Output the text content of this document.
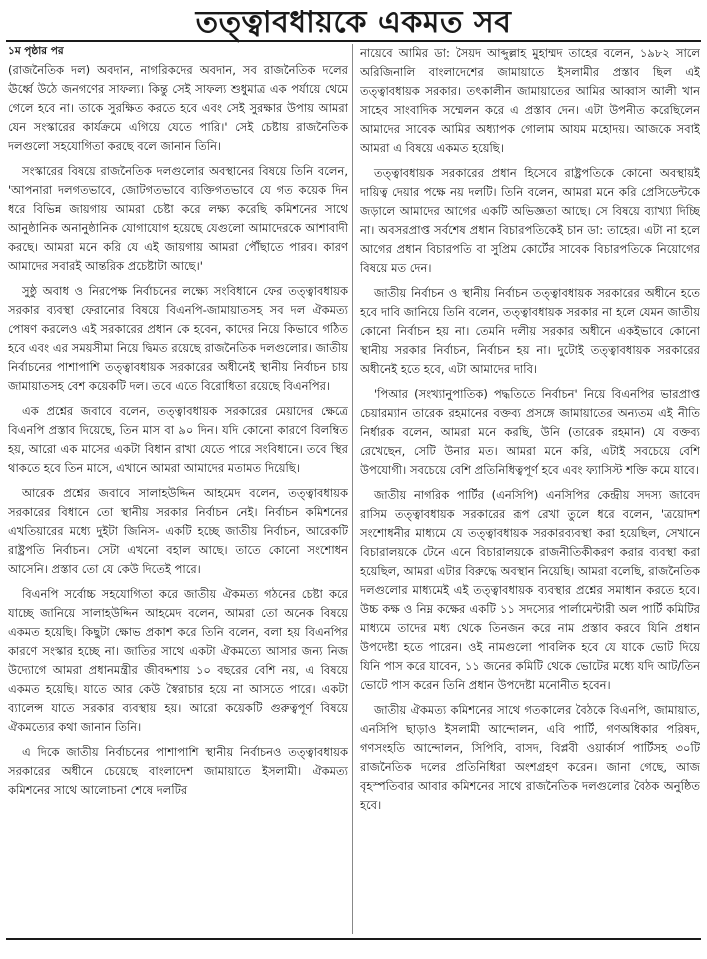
তত্ত্বাবধায়কে একমত সব
১ম পৃষ্ঠার পর

(রাজনৈতিক দল) অবদান, নাগরিকদের অবদান, সব রাজনৈতিক দলের ঊর্ধ্বে উঠে জনগণের সাফল্য। কিন্তু সেই সাফল্য শুধুমাত্র এক পর্যায়ে থেমে গেলে হবে না। তাকে সুরক্ষিত করতে হবে এবং সেই সুরক্ষার উপায় আমরা যেন সংস্কারের কার্যক্রমে এগিয়ে যেতে পারি।' সেই চেষ্টায় রাজনৈতিক দলগুলো সহযোগিতা করছে বলে জানান তিনি।

সংস্কারের বিষয়ে রাজনৈতিক দলগুলোর অবস্থানের বিষয়ে তিনি বলেন, 'আপনারা দলগতভাবে, জোটগতভাবে ব্যক্তিগতভাবে যে গত কয়েক দিন ধরে বিভিন্ন জায়গায় আমরা চেষ্টা করে লক্ষ্য করেছি কমিশনের সাথে আনুষ্ঠানিক অনানুষ্ঠানিক যোগাযোগ হয়েছে যেগুলো আমাদেরকে আশাবাদী করছে। আমরা মনে করি যে এই জায়গায় আমরা পৌঁছাতে পারব। কারণ আমাদের সবারই আন্তরিক প্রচেষ্টাটা আছে।'

সুষ্ঠু অবাধ ও নিরপেক্ষ নির্বাচনের লক্ষ্যে সংবিধানে ফের তত্ত্বাবধায়ক সরকার ব্যবস্থা ফেরানোর বিষয়ে বিএনপি-জামায়াতসহ সব দল ঐকমত্য পোষণ করলেও এই সরকারের প্রধান কে হবেন, কাদের নিয়ে কিভাবে গঠিত হবে এবং এর সময়সীমা নিয়ে দ্বিমত রয়েছে রাজনৈতিক দলগুলোর। জাতীয় নির্বাচনের পাশাপাশি তত্ত্বাবধায়ক সরকারের অধীনেই স্থানীয় নির্বাচন চায় জামায়াতসহ বেশ কয়েকটি দল। তবে এতে বিরোধিতা রয়েছে বিএনপির।

এক প্রশ্নের জবাবে বলেন, তত্ত্বাবধায়ক সরকারের মেয়াদের ক্ষেত্রে বিএনপি প্রস্তাব দিয়েছে, তিন মাস বা ৯০ দিন। যদি কোনো কারণে বিলম্বিত হয়, আরো এক মাসের একটা বিধান রাখা যেতে পারে সংবিধানে। তবে স্থির থাকতে হবে তিন মাসে, এখানে আমরা আমাদের মতামত দিয়েছি।

আরেক প্রশ্নের জবাবে সালাহউদ্দিন আহমেদ বলেন, তত্ত্বাবধায়ক সরকারের বিধানে তো স্থানীয় সরকার নির্বাচন নেই। নির্বাচন কমিশনের এখতিয়ারের মধ্যে দুইটা জিনিস- একটি হচ্ছে জাতীয় নির্বাচন, আরেকটি রাষ্ট্রপতি নির্বাচন। সেটা এখনো বহাল আছে। তাতে কোনো সংশোধন আসেনি। প্রস্তাব তো যে কেউ দিতেই পারে।

বিএনপি সর্বোচ্চ সহযোগিতা করে জাতীয় ঐকমত্য গঠনের চেষ্টা করে যাচ্ছে জানিয়ে সালাহউদ্দিন আহমেদ বলেন, আমরা তো অনেক বিষয়ে একমত হয়েছি। কিছুটা ক্ষোভ প্রকাশ করে তিনি বলেন, বলা হয় বিএনপির কারণে সংস্কার হচ্ছে না। জাতির সাথে একটা ঐকমত্যে আসার জন্য নিজ উদ্যোগে আমরা প্রধানমন্ত্রীর জীবদ্দশায় ১০ বছরের বেশি নয়, এ বিষয়ে একমত হয়েছি। যাতে আর কেউ স্বৈরাচার হয়ে না আসতে পারে। একটা ব্যালেন্স যাতে সরকার ব্যবস্থায় হয়। আরো কয়েকটি গুরুত্বপূর্ণ বিষয়ে ঐকমত্যের কথা জানান তিনি।

এ দিকে জাতীয় নির্বাচনের পাশাপাশি স্থানীয় নির্বাচনও তত্ত্বাবধায়ক সরকারের অধীনে চেয়েছে বাংলাদেশ জামায়াতে ইসলামী। ঐকমত্য কমিশনের সাথে আলোচনা শেষে দলটির

নায়েবে আমির ডা: সৈয়দ আব্দুল্লাহ মুহাম্মদ তাহের বলেন, ১৯৮২ সালে অরিজিনালি বাংলাদেশের জামায়াতে ইসলামীর প্রস্তাব ছিল এই তত্ত্বাবধায়ক সরকার। তৎকালীন জামায়াতের আমির আব্বাস আলী খান সাহেব সাংবাদিক সম্মেলন করে এ প্রস্তাব দেন। এটা উপনীত করেছিলেন আমাদের সাবেক আমির অধ্যাপক গোলাম আযম মহোদয়। আজকে সবাই আমরা এ বিষয়ে একমত হয়েছি।

তত্ত্বাবধায়ক সরকারের প্রধান হিসেবে রাষ্ট্রপতিকে কোনো অবস্থায়ই দায়িত্ব দেয়ার পক্ষে নয় দলটি। তিনি বলেন, আমরা মনে করি প্রেসিডেন্টকে জড়ালে আমাদের আগের একটি অভিজ্ঞতা আছে। সে বিষয়ে ব্যাখ্যা দিচ্ছি না। অবসরপ্রাপ্ত সর্বশেষ প্রধান বিচারপতিকেই চান ডা: তাহের। এটা না হলে আগের প্রধান বিচারপতি বা সুপ্রিম কোর্টের সাবেক বিচারপতিকে নিয়োগের বিষয়ে মত দেন।

জাতীয় নির্বাচন ও স্থানীয় নির্বাচন তত্ত্বাবধায়ক সরকারের অধীনে হতে হবে দাবি জানিয়ে তিনি বলেন, তত্ত্বাবধায়ক সরকার না হলে যেমন জাতীয় কোনো নির্বাচন হয় না। তেমনি দলীয় সরকার অধীনে একইভাবে কোনো স্থানীয় সরকার নির্বাচন, নির্বাচন হয় না। দুটোই তত্ত্বাবধায়ক সরকারের অধীনেই হতে হবে, এটা আমাদের দাবি।

'পিআর (সংখ্যানুপাতিক) পদ্ধতিতে নির্বাচন' নিয়ে বিএনপির ভারপ্রাপ্ত চেয়ারম্যান তারেক রহমানের বক্তব্য প্রসঙ্গে জামায়াতের অন্যতম এই নীতি নির্ধারক বলেন, আমরা মনে করছি, উনি (তারেক রহমান) যে বক্তব্য রেখেছেন, সেটি উনার মত। আমরা মনে করি, এটাই সবচেয়ে বেশি উপযোগী। সবচেয়ে বেশি প্রতিনিধিত্বপূর্ণ হবে এবং ফ্যাসিস্ট শক্তি কমে যাবে।

জাতীয় নাগরিক পার্টির (এনসিপি) এনসিপির কেন্দ্রীয় সদস্য জাবেদ রাসিম তত্ত্বাবধায়ক সরকারের রূপ রেখা তুলে ধরে বলেন, 'ত্রয়োদশ সংশোধনীর মাধ্যমে যে তত্ত্বাবধায়ক সরকারব্যবস্থা করা হয়েছিল, সেখানে বিচারালয়কে টেনে এনে বিচারালয়কে রাজনীতিকীকরণ করার ব্যবস্থা করা হয়েছিল, আমরা এটার বিরুদ্ধে অবস্থান নিয়েছি। আমরা বলেছি, রাজনৈতিক দলগুলোর মাধ্যমেই এই তত্ত্বাবধায়ক ব্যবস্থার প্রশ্নের সমাধান করতে হবে। উচ্চ কক্ষ ও নিম্ন কক্ষের একটি ১১ সদস্যের পার্লামেন্টারী অল পার্টি কমিটির মাধ্যমে তাদের মধ্য থেকে তিনজন করে নাম প্রস্তাব করবে যিনি প্রধান উপদেষ্টা হতে পারেন। ওই নামগুলো পাবলিক হবে যে যাকে ভোট দিয়ে যিনি পাস করে যাবেন, ১১ জনের কমিটি থেকে ভোটের মধ্যে যদি আট/তিন ভোটে পাস করেন তিনি প্রধান উপদেষ্টা মনোনীত হবেন।

জাতীয় ঐকমত্য কমিশনের সাথে গতকালের বৈঠকে বিএনপি, জামায়াত, এনসিপি ছাড়াও ইসলামী আন্দোলন, এবি পার্টি, গণঅধিকার পরিষদ, গণসংহতি আন্দোলন, সিপিবি, বাসদ, বিপ্লবী ওয়ার্কার্স পার্টিসহ ৩০টি রাজনৈতিক দলের প্রতিনিধিরা অংশগ্রহণ করেন। জানা গেছে, আজ বৃহস্পতিবার আবার কমিশনের সাথে রাজনৈতিক দলগুলোর বৈঠক অনুষ্ঠিত হবে।
